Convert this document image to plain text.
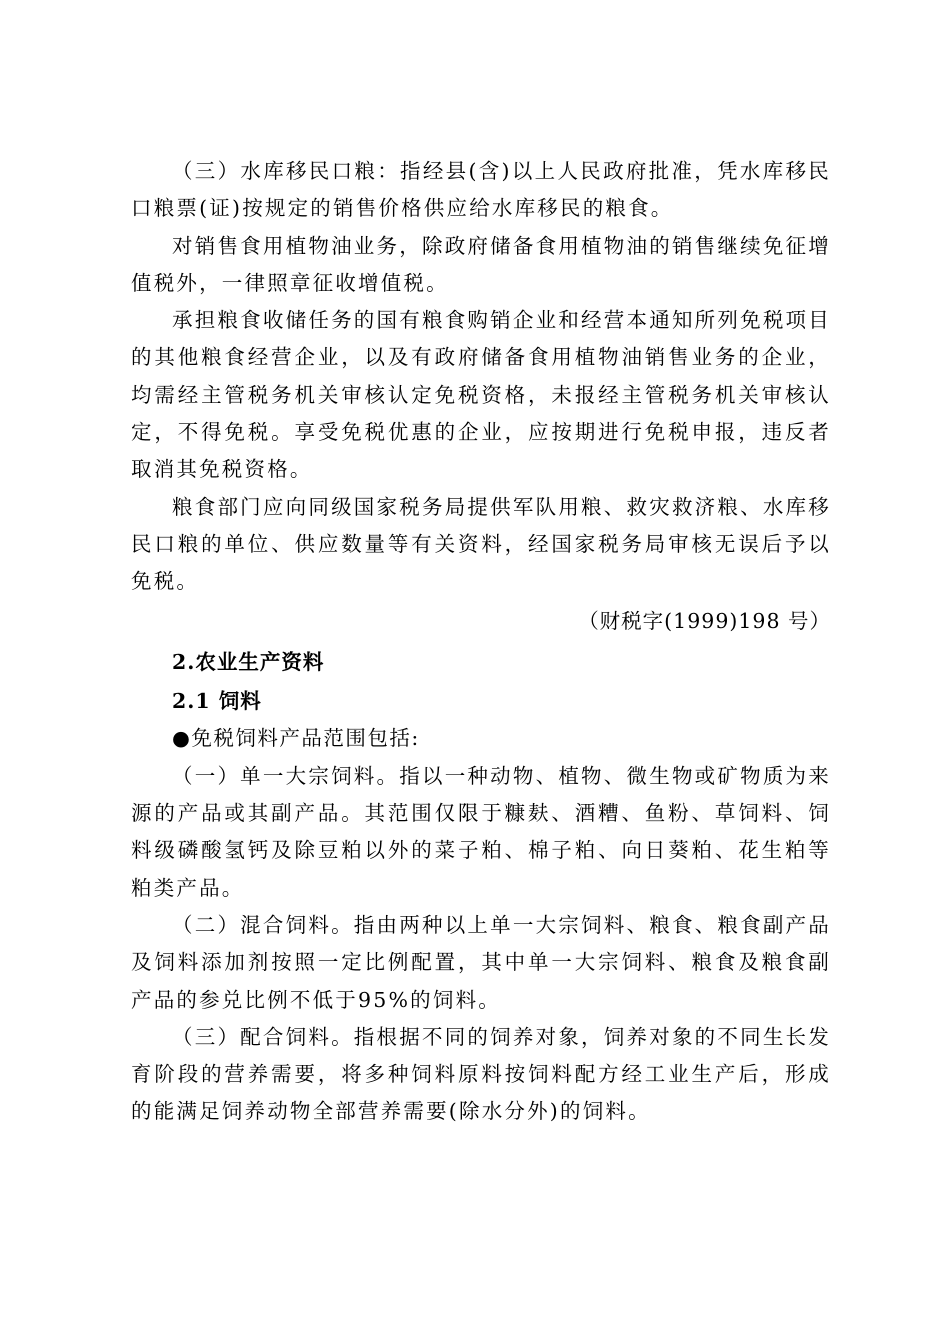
（三）水库移民口粮：指经县(含)以上人民政府批准，凭水库移民口粮票(证)按规定的销售价格供应给水库移民的粮食。

对销售食用植物油业务，除政府储备食用植物油的销售继续免征增值税外，一律照章征收增值税。

承担粮食收储任务的国有粮食购销企业和经营本通知所列免税项目的其他粮食经营企业，以及有政府储备食用植物油销售业务的企业，均需经主管税务机关审核认定免税资格，未报经主管税务机关审核认定，不得免税。享受免税优惠的企业，应按期进行免税申报，违反者取消其免税资格。

粮食部门应向同级国家税务局提供军队用粮、救灾救济粮、水库移民口粮的单位、供应数量等有关资料，经国家税务局审核无误后予以免税。

（财税字(1999)198 号）

2.农业生产资料

2.1 饲料

●免税饲料产品范围包括:

（一）单一大宗饲料。指以一种动物、植物、微生物或矿物质为来源的产品或其副产品。其范围仅限于糠麸、酒糟、鱼粉、草饲料、饲料级磷酸氢钙及除豆粕以外的菜子粕、棉子粕、向日葵粕、花生粕等粕类产品。

（二）混合饲料。指由两种以上单一大宗饲料、粮食、粮食副产品及饲料添加剂按照一定比例配置，其中单一大宗饲料、粮食及粮食副产品的参兑比例不低于95%的饲料。

（三）配合饲料。指根据不同的饲养对象，饲养对象的不同生长发育阶段的营养需要，将多种饲料原料按饲料配方经工业生产后，形成的能满足饲养动物全部营养需要(除水分外)的饲料。
